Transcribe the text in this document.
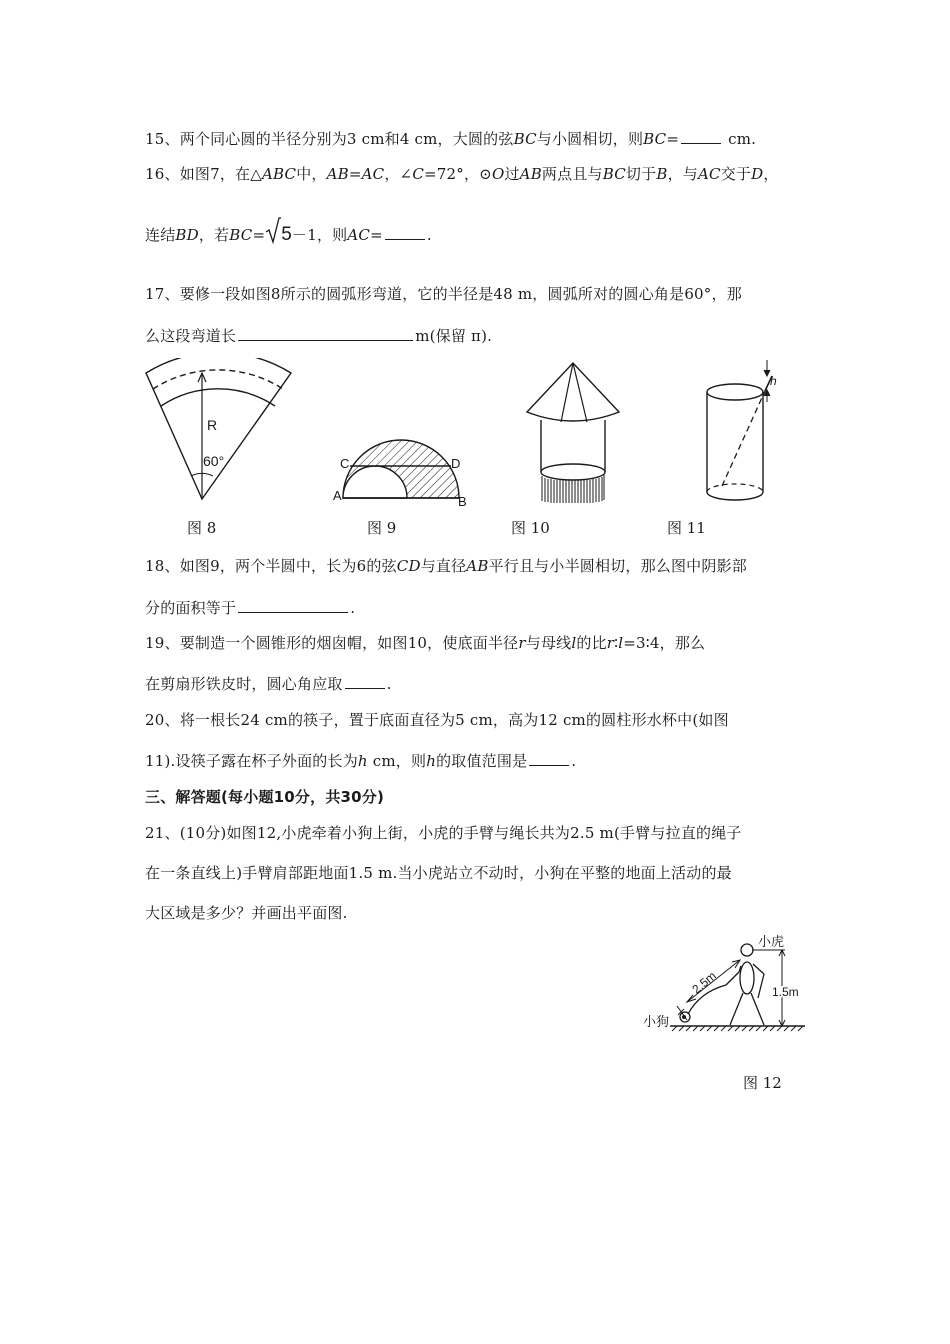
15、两个同心圆的半径分别为3 cm和4 cm，大圆的弦BC与小圆相切，则BC=	cm.
16、如图7，在△ABC中，AB=AC，∠C=72°，⊙O过AB两点且与BC切于B，与AC交于D，
连结BD，若BC= 5－1，则AC=	.
17、要修一段如图8所示的圆弧形弯道，它的半径是48 m，圆弧所对的圆心角是60°，那
么这段弯道长	m(保留 π).
R
60°
图 8
C	D
A	B
图 9	图 10
h
图 11
18、如图9，两个半圆中，长为6的弦CD与直径AB平行且与小半圆相切，那么图中阴影部
分的面积等于	.
19、要制造一个圆锥形的烟囱帽，如图10，使底面半径r与母线l的比r∶l=3∶4，那么
在剪扇形铁皮时，圆心角应取	.
20、将一根长24 cm的筷子，置于底面直径为5 cm，高为12 cm的圆柱形水杯中(如图
11).设筷子露在杯子外面的长为h cm，则h的取值范围是	.
三、解答题(每小题10分，共30分)
21、(10分)如图12,小虎牵着小狗上街，小虎的手臂与绳长共为2.5 m(手臂与拉直的绳子
在一条直线上)手臂肩部距地面1.5 m.当小虎站立不动时，小狗在平整的地面上活动的最
大区域是多少？并画出平面图.
2.5m	1.5m
小虎
小狗
图 12
